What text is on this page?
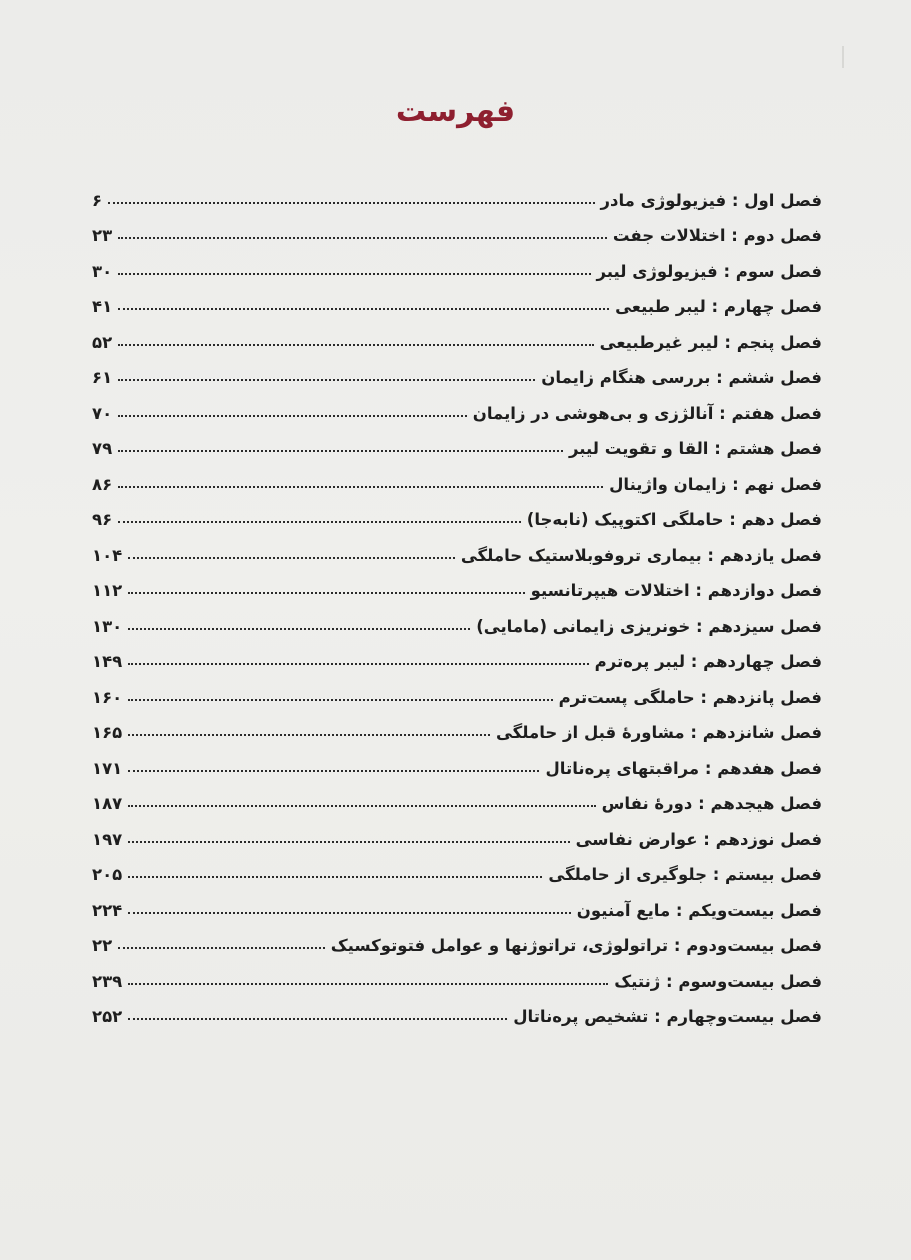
فهرست
فصل اول : فیزیولوژی مادر
۶
فصل دوم : اختلالات جفت
۲۳
فصل سوم : فیزیولوژی لیبر
۳۰
فصل چهارم : لیبر طبیعی
۴۱
فصل پنجم : لیبر غیرطبیعی
۵۲
فصل ششم : بررسی هنگام زایمان
۶۱
فصل هفتم : آنالژزی و بی‌هوشی در زایمان
۷۰
فصل هشتم : القا و تقویت لیبر
۷۹
فصل نهم : زایمان واژینال
۸۶
فصل دهم : حاملگی اکتوپیک (نابه‌جا)
۹۶
فصل یازدهم : بیماری تروفوبلاستیک حاملگی
۱۰۴
فصل دوازدهم : اختلالات هیپرتانسیو
۱۱۲
فصل سیزدهم : خونریزی زایمانی (مامایی)
۱۳۰
فصل چهاردهم : لیبر پره‌ترم
۱۴۹
فصل پانزدهم : حاملگی پست‌ترم
۱۶۰
فصل شانزدهم : مشاورهٔ قبل از حاملگی
۱۶۵
فصل هفدهم : مراقبتهای پره‌ناتال
۱۷۱
فصل هیجدهم : دورهٔ نفاس
۱۸۷
فصل نوزدهم : عوارض نفاسی
۱۹۷
فصل بیستم : جلوگیری از حاملگی
۲۰۵
فصل بیست‌ویکم : مایع آمنیون
۲۲۴
فصل بیست‌ودوم : تراتولوژی، تراتوژنها و عوامل فتوتوکسیک
۲۲
فصل بیست‌وسوم : ژنتیک
۲۳۹
فصل بیست‌وچهارم : تشخیص پره‌ناتال
۲۵۲
